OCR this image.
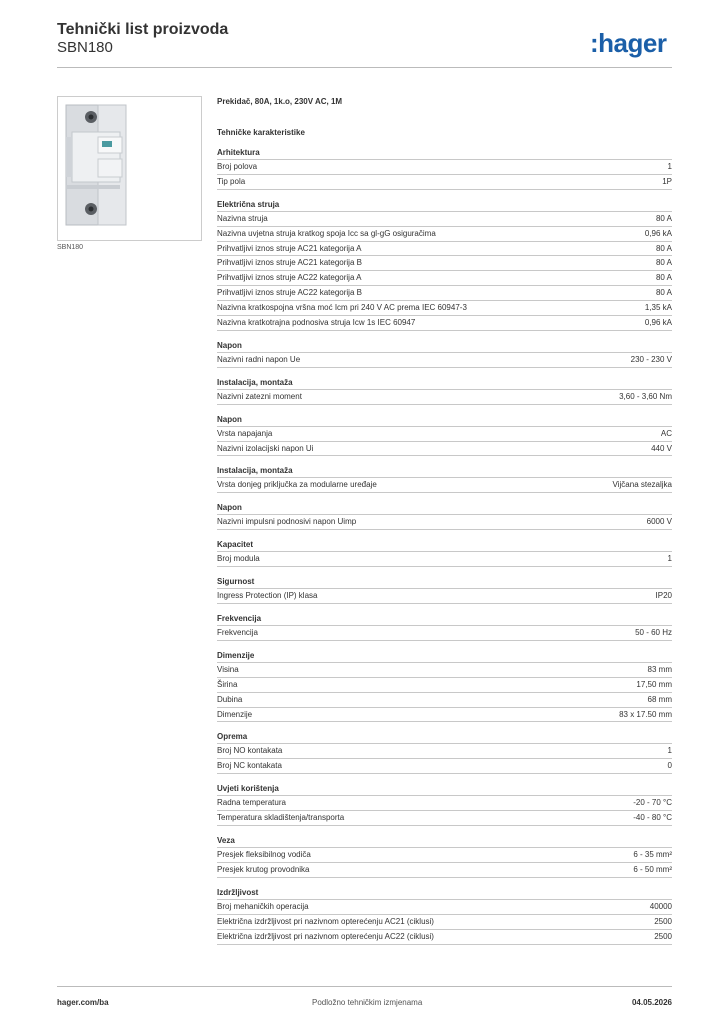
Tehnički list proizvoda
SBN180	:hager
SBN180
Prekidač, 80A, 1k.o, 230V AC, 1M
Tehničke karakteristike
Arhitektura
Broj polova	1
Tip pola	1P
Električna struja
Nazivna struja	80 A
Nazivna uvjetna struja kratkog spoja Icc sa gl-gG osiguračima	0,96 kA
Prihvatljivi iznos struje AC21 kategorija A	80 A
Prihvatljivi iznos struje AC21 kategorija B	80 A
Prihvatljivi iznos struje AC22 kategorija A	80 A
Prihvatljivi iznos struje AC22 kategorija B	80 A
Nazivna kratkospojna vršna moć Icm pri 240 V AC prema IEC 60947-3	1,35 kA
Nazivna kratkotrajna podnosiva struja Icw 1s IEC 60947	0,96 kA
Napon
Nazivni radni napon Ue	230 - 230 V
Instalacija, montaža
Nazivni zatezni moment	3,60 - 3,60 Nm
Napon
Vrsta napajanja	AC
Nazivni izolacijski napon Ui	440 V
Instalacija, montaža
Vrsta donjeg priključka za modularne uređaje	Vijčana stezaljka
Napon
Nazivni impulsni podnosivi napon Uimp	6000 V
Kapacitet
Broj modula	1
Sigurnost
Ingress Protection (IP) klasa	IP20
Frekvencija
Frekvencija	50 - 60 Hz
Dimenzije
Visina	83 mm
Širina	17,50 mm
Dubina	68 mm
Dimenzije	83 x 17.50 mm
Oprema
Broj NO kontakata	1
Broj NC kontakata	0
Uvjeti korištenja
Radna temperatura	-20 - 70 °C
Temperatura skladištenja/transporta	-40 - 80 °C
Veza
Presjek fleksibilnog vodiča	6 - 35 mm²
Presjek krutog provodnika	6 - 50 mm²
Izdržljivost
Broj mehaničkih operacija	40000
Električna izdržljivost pri nazivnom opterećenju AC21 (ciklusi)	2500
Električna izdržljivost pri nazivnom opterećenju AC22 (ciklusi)	2500
hager.com/ba	Podložno tehničkim izmjenama	04.05.2026
